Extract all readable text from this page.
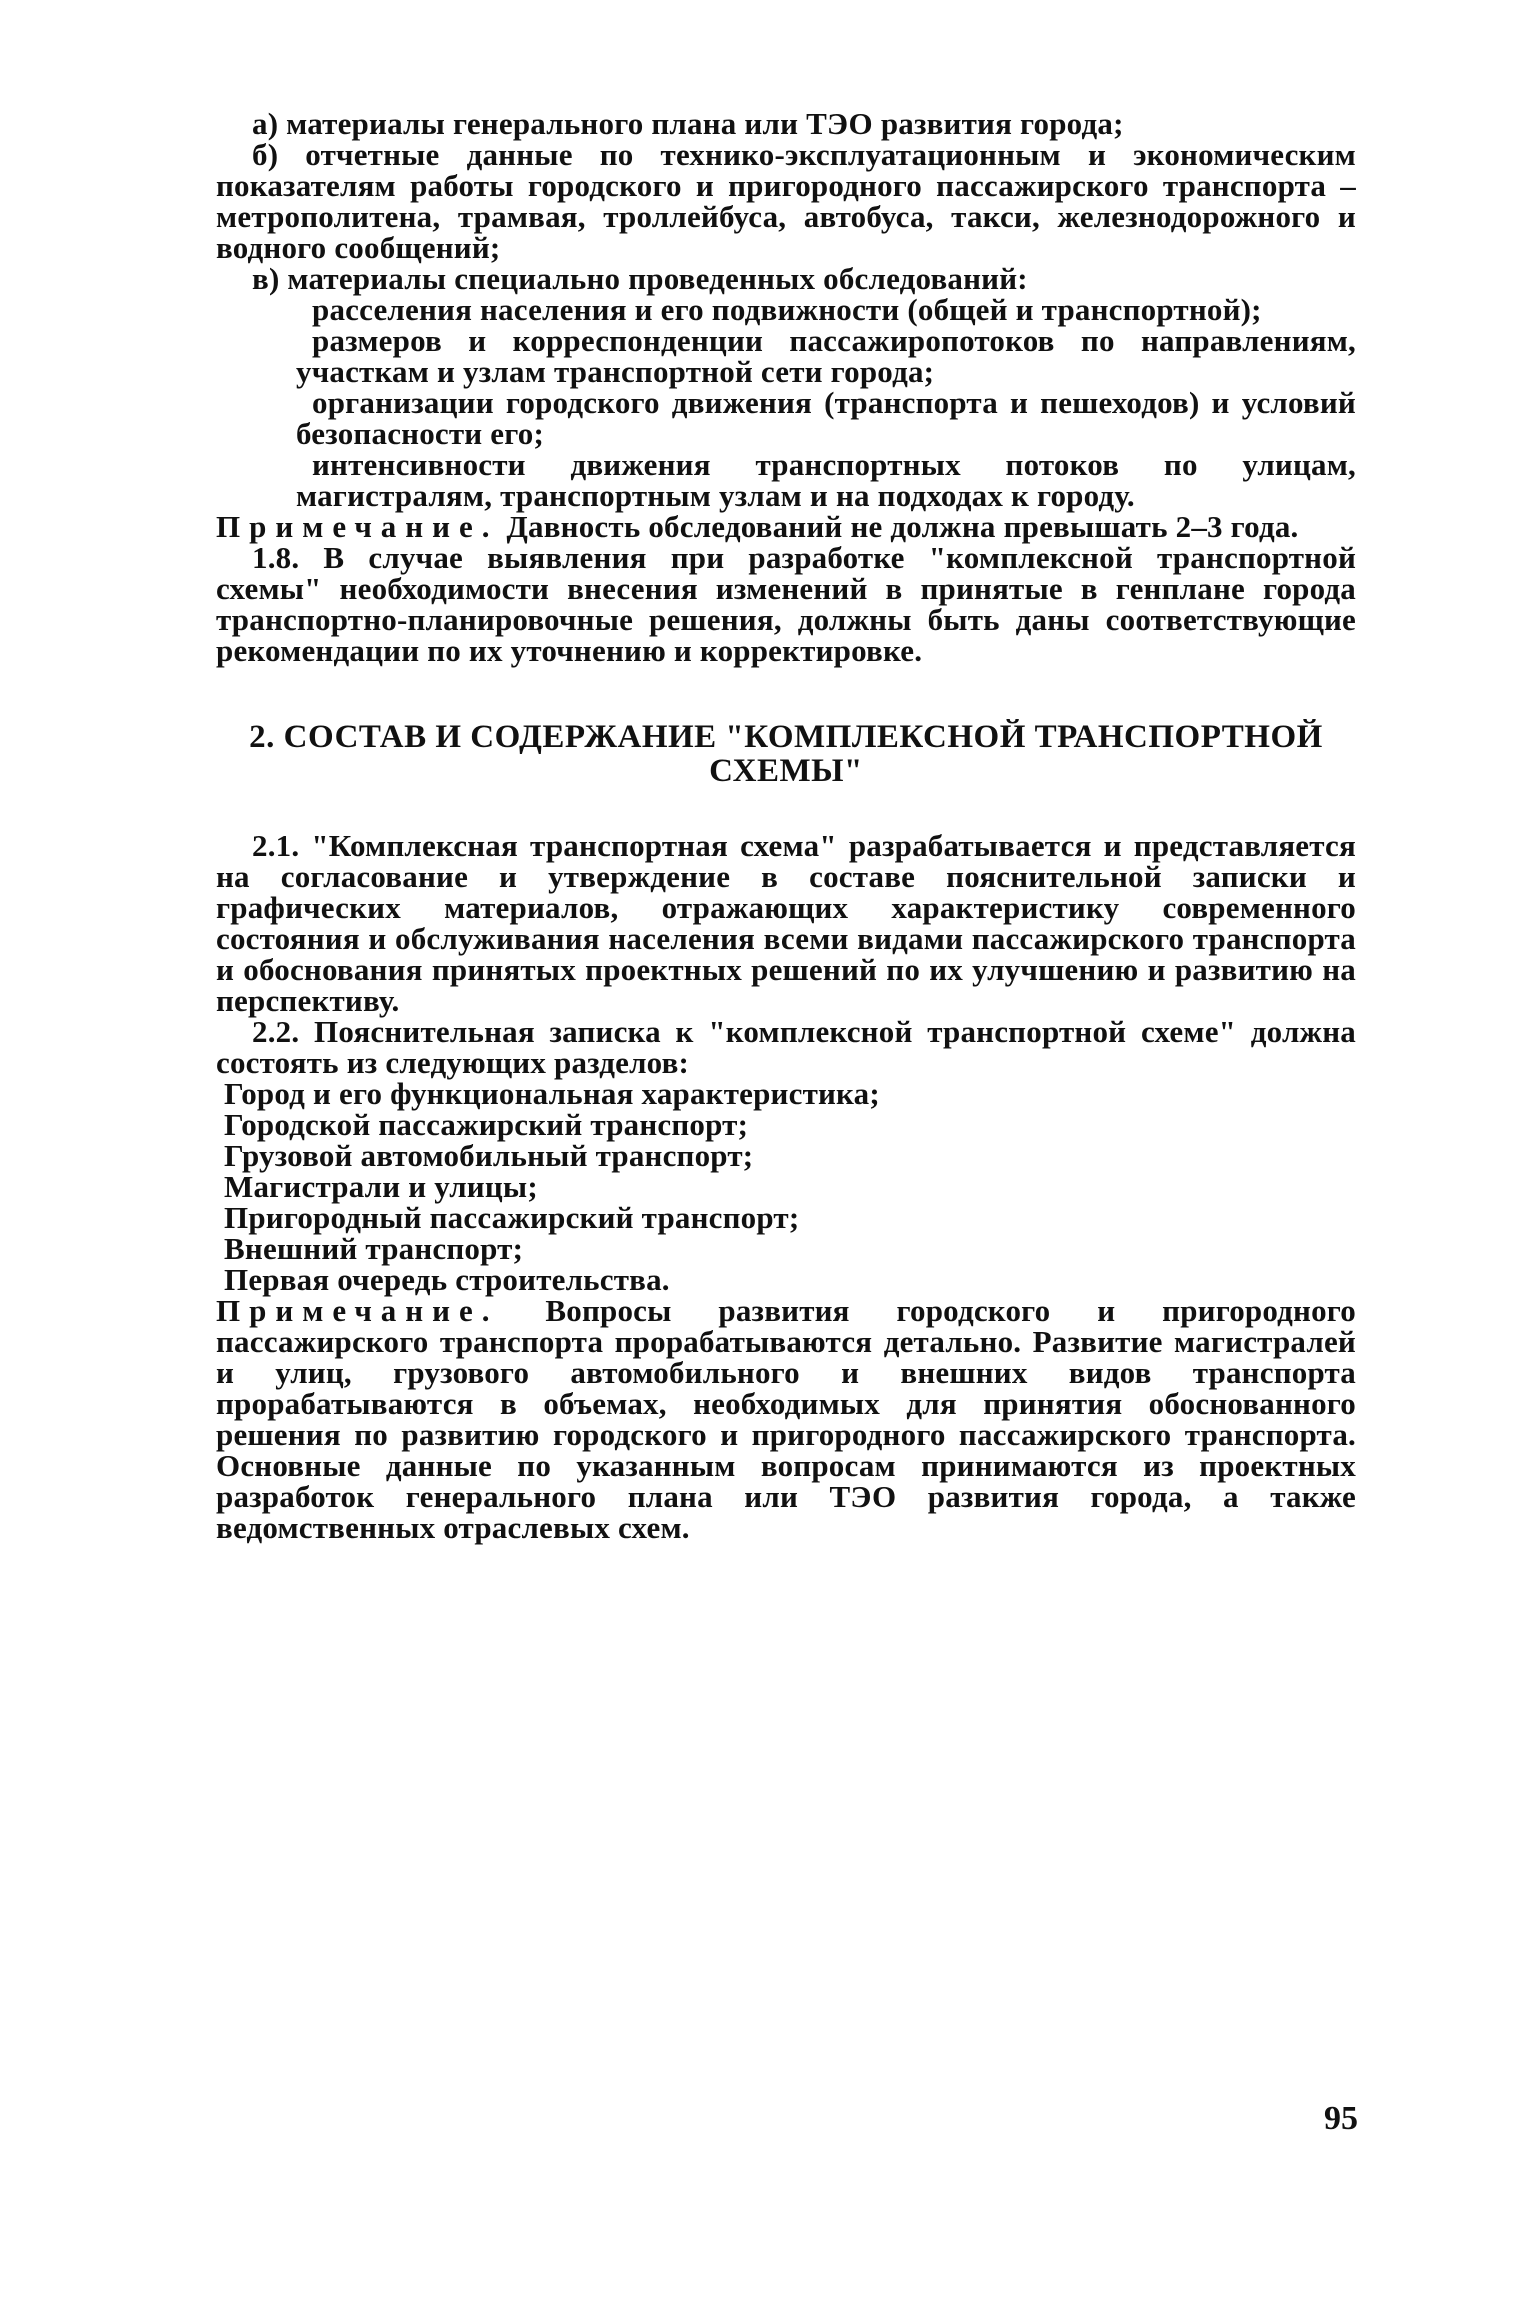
а) материалы генерального плана или ТЭО развития города;

б) отчетные данные по технико-эксплуатационным и экономическим показателям работы городского и пригородного пассажирского транспорта – метрополитена, трамвая, троллейбуса, автобуса, такси, железнодорожного и водного сообщений;

в) материалы специально проведенных обследований:

расселения населения и его подвижности (общей и транспортной);

размеров и корреспонденции пассажиропотоков по направлениям, участкам и узлам транспортной сети города;

организации городского движения (транспорта и пешеходов) и условий безопасности его;

интенсивности движения транспортных потоков по улицам, магистралям, транспортным узлам и на подходах к городу.

Примечание. Давность обследований не должна превышать 2–3 года.

1.8. В случае выявления при разработке "комплексной транспортной схемы" необходимости внесения изменений в принятые в генплане города транспортно-планировочные решения, должны быть даны соответствующие рекомендации по их уточнению и корректировке.

2. СОСТАВ И СОДЕРЖАНИЕ "КОМПЛЕКСНОЙ ТРАНСПОРТНОЙ СХЕМЫ"

2.1. "Комплексная транспортная схема" разрабатывается и представляется на согласование и утверждение в составе пояснительной записки и графических материалов, отражающих характеристику современного состояния и обслуживания населения всеми видами пассажирского транспорта и обоснования принятых проектных решений по их улучшению и развитию на перспективу.

2.2. Пояснительная записка к "комплексной транспортной схеме" должна состоять из следующих разделов:

Город и его функциональная характеристика;

Городской пассажирский транспорт;

Грузовой автомобильный транспорт;

Магистрали и улицы;

Пригородный пассажирский транспорт;

Внешний транспорт;

Первая очередь строительства.

Примечание. Вопросы развития городского и пригородного пассажирского транспорта прорабатываются детально. Развитие магистралей и улиц, грузового автомобильного и внешних видов транспорта прорабатываются в объемах, необходимых для принятия обоснованного решения по развитию городского и пригородного пассажирского транспорта. Основные данные по указанным вопросам принимаются из проектных разработок генерального плана или ТЭО развития города, а также ведомственных отраслевых схем.

95
